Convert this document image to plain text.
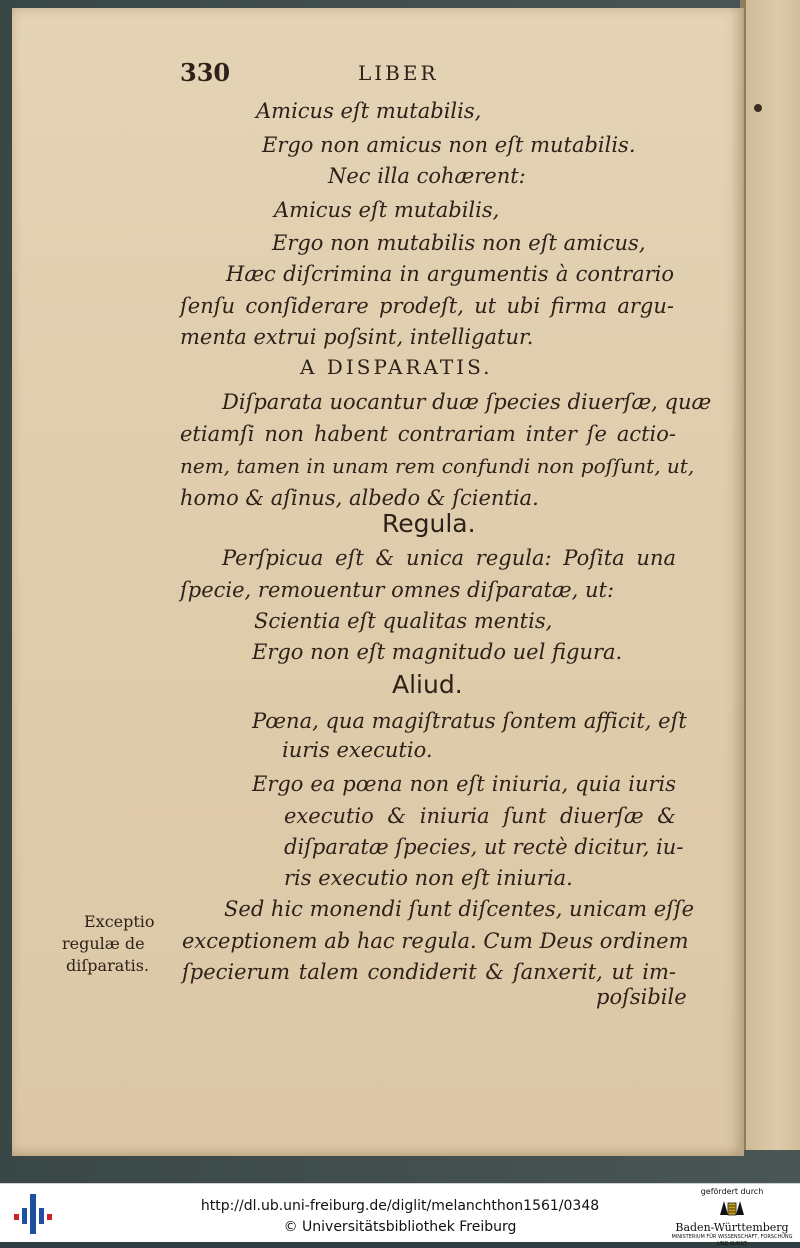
330	LIBER
Amicus eſt mutabilis,
Ergo non amicus non eſt mutabilis.
Nec illa cohærent:
Amicus eſt mutabilis,
Ergo non mutabilis non eſt amicus,
Hæc diſcrimina in argumentis à contrario
ſenſu conſiderare prodeſt, ut ubi firma argu-
menta extrui poſsint, intelligatur.
A DISPARATIS.
Diſparata uocantur duæ ſpecies diuerſæ, quæ
etiamſi non habent contrariam inter ſe actio-
nem, tamen in unam rem confundi non poſſunt, ut,
homo & aſinus, albedo & ſcientia.
Regula.
Perſpicua eſt & unica regula: Poſita una
ſpecie, remouentur omnes diſparatæ, ut:
Scientia eſt qualitas mentis,
Ergo non eſt magnitudo uel figura.
Aliud.
Pœna, qua magiſtratus ſontem afficit, eſt
iuris executio.
Ergo ea pœna non eſt iniuria, quia iuris
executio & iniuria ſunt diuerſæ &
diſparatæ ſpecies, ut rectè dicitur, iu-
ris executio non eſt iniuria.
Sed hic monendi ſunt diſcentes, unicam eſſe
exceptionem ab hac regula. Cum Deus ordinem
ſpecierum talem condiderit & ſanxerit, ut im-
poſsibile
Exceptio
regulæ de
diſparatis.
http://dl.ub.uni-freiburg.de/diglit/melanchthon1561/0348
© Universitätsbibliothek Freiburg
gefördert durch
Baden-Württemberg
MINISTERIUM FÜR WISSENSCHAFT, FORSCHUNG UND KUNST
